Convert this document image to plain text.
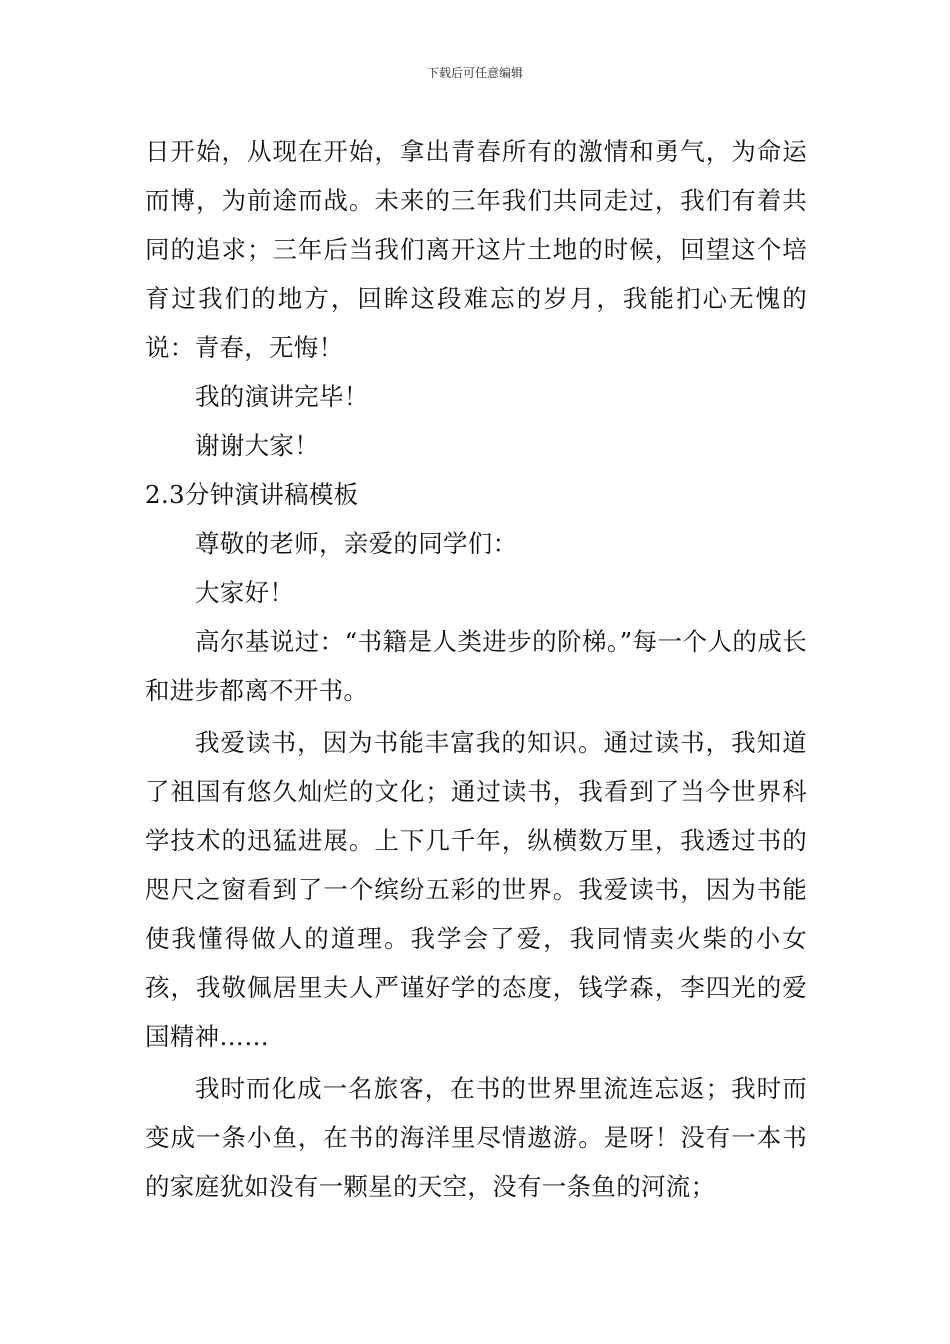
下载后可任意编辑

日开始，从现在开始，拿出青春所有的激情和勇气，为命运而博，为前途而战。未来的三年我们共同走过，我们有着共同的追求；三年后当我们离开这片土地的时候，回望这个培育过我们的地方，回眸这段难忘的岁月，我能扪心无愧的说：青春，无悔！

我的演讲完毕！

谢谢大家！

2.3分钟演讲稿模板

尊敬的老师，亲爱的同学们：

大家好！

高尔基说过：“书籍是人类进步的阶梯。”每一个人的成长和进步都离不开书。

我爱读书，因为书能丰富我的知识。通过读书，我知道了祖国有悠久灿烂的文化；通过读书，我看到了当今世界科学技术的迅猛进展。上下几千年，纵横数万里，我透过书的咫尺之窗看到了一个缤纷五彩的世界。我爱读书，因为书能使我懂得做人的道理。我学会了爱，我同情卖火柴的小女孩，我敬佩居里夫人严谨好学的态度，钱学森，李四光的爱国精神……

我时而化成一名旅客，在书的世界里流连忘返；我时而变成一条小鱼，在书的海洋里尽情遨游。是呀！没有一本书的家庭犹如没有一颗星的天空，没有一条鱼的河流；
